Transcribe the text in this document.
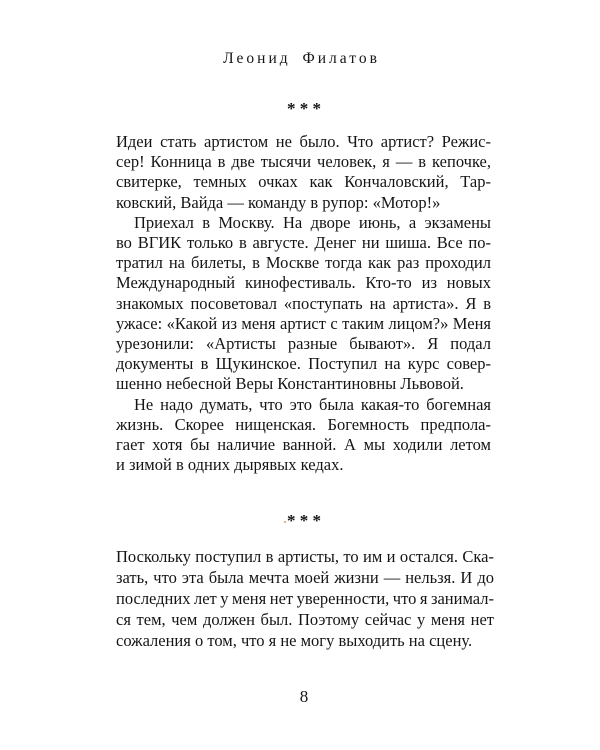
Леонид Филатов
* * *
Идеи стать артистом не было. Что артист? Режис-
сер! Конница в две тысячи человек, я — в кепочке,
свитерке, темных очках как Кончаловский, Тар-
ковский, Вайда — команду в рупор: «Мотор!»
Приехал в Москву. На дворе июнь, а экзамены
во ВГИК только в августе. Денег ни шиша. Все по-
тратил на билеты, в Москве тогда как раз проходил
Международный кинофестиваль. Кто-то из новых
знакомых посоветовал «поступать на артиста». Я в
ужасе: «Какой из меня артист с таким лицом?» Меня
урезонили: «Артисты разные бывают». Я подал
документы в Щукинское. Поступил на курс совер-
шенно небесной Веры Константиновны Львовой.
Не надо думать, что это была какая-то богемная
жизнь. Скорее нищенская. Богемность предпола-
гает хотя бы наличие ванной. А мы ходили летом
и зимой в одних дырявых кедах.
* * *
Поскольку поступил в артисты, то им и остался. Ска-
зать, что эта была мечта моей жизни — нельзя. И до
последних лет у меня нет уверенности, что я занимал-
ся тем, чем должен был. Поэтому сейчас у меня нет
сожаления о том, что я не могу выходить на сцену.
8
